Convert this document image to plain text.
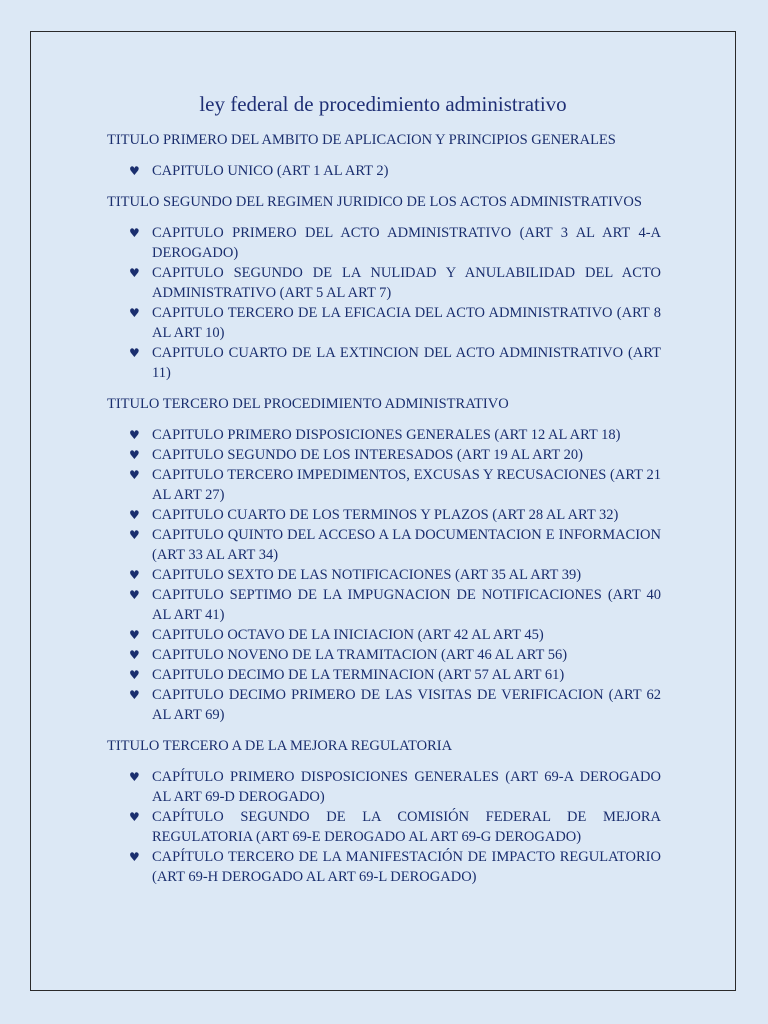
ley federal de procedimiento administrativo

TITULO PRIMERO DEL AMBITO DE APLICACION Y PRINCIPIOS GENERALES

♥ CAPITULO UNICO (ART 1 AL ART 2)

TITULO SEGUNDO DEL REGIMEN JURIDICO DE LOS ACTOS ADMINISTRATIVOS

♥ CAPITULO PRIMERO DEL ACTO ADMINISTRATIVO (ART 3 AL ART 4-A DEROGADO)
♥ CAPITULO SEGUNDO DE LA NULIDAD Y ANULABILIDAD DEL ACTO ADMINISTRATIVO (ART 5 AL ART 7)
♥ CAPITULO TERCERO DE LA EFICACIA DEL ACTO ADMINISTRATIVO (ART 8 AL ART 10)
♥ CAPITULO CUARTO DE LA EXTINCION DEL ACTO ADMINISTRATIVO (ART 11)

TITULO TERCERO DEL PROCEDIMIENTO ADMINISTRATIVO

♥ CAPITULO PRIMERO DISPOSICIONES GENERALES (ART 12 AL ART 18)
♥ CAPITULO SEGUNDO DE LOS INTERESADOS (ART 19 AL ART 20)
♥ CAPITULO TERCERO IMPEDIMENTOS, EXCUSAS Y RECUSACIONES (ART 21 AL ART 27)
♥ CAPITULO CUARTO DE LOS TERMINOS Y PLAZOS (ART 28 AL ART 32)
♥ CAPITULO QUINTO DEL ACCESO A LA DOCUMENTACION E INFORMACION (ART 33 AL ART 34)
♥ CAPITULO SEXTO DE LAS NOTIFICACIONES (ART 35 AL ART 39)
♥ CAPITULO SEPTIMO DE LA IMPUGNACION DE NOTIFICACIONES (ART 40 AL ART 41)
♥ CAPITULO OCTAVO DE LA INICIACION (ART 42 AL ART 45)
♥ CAPITULO NOVENO DE LA TRAMITACION (ART 46 AL ART 56)
♥ CAPITULO DECIMO DE LA TERMINACION (ART 57 AL ART 61)
♥ CAPITULO DECIMO PRIMERO DE LAS VISITAS DE VERIFICACION (ART 62 AL ART 69)

TITULO TERCERO A DE LA MEJORA REGULATORIA

♥ CAPÍTULO PRIMERO DISPOSICIONES GENERALES (ART 69-A DEROGADO AL ART 69-D DEROGADO)
♥ CAPÍTULO SEGUNDO DE LA COMISIÓN FEDERAL DE MEJORA REGULATORIA (ART 69-E DEROGADO AL ART 69-G DEROGADO)
♥ CAPÍTULO TERCERO DE LA MANIFESTACIÓN DE IMPACTO REGULATORIO (ART 69-H DEROGADO AL ART 69-L DEROGADO)
